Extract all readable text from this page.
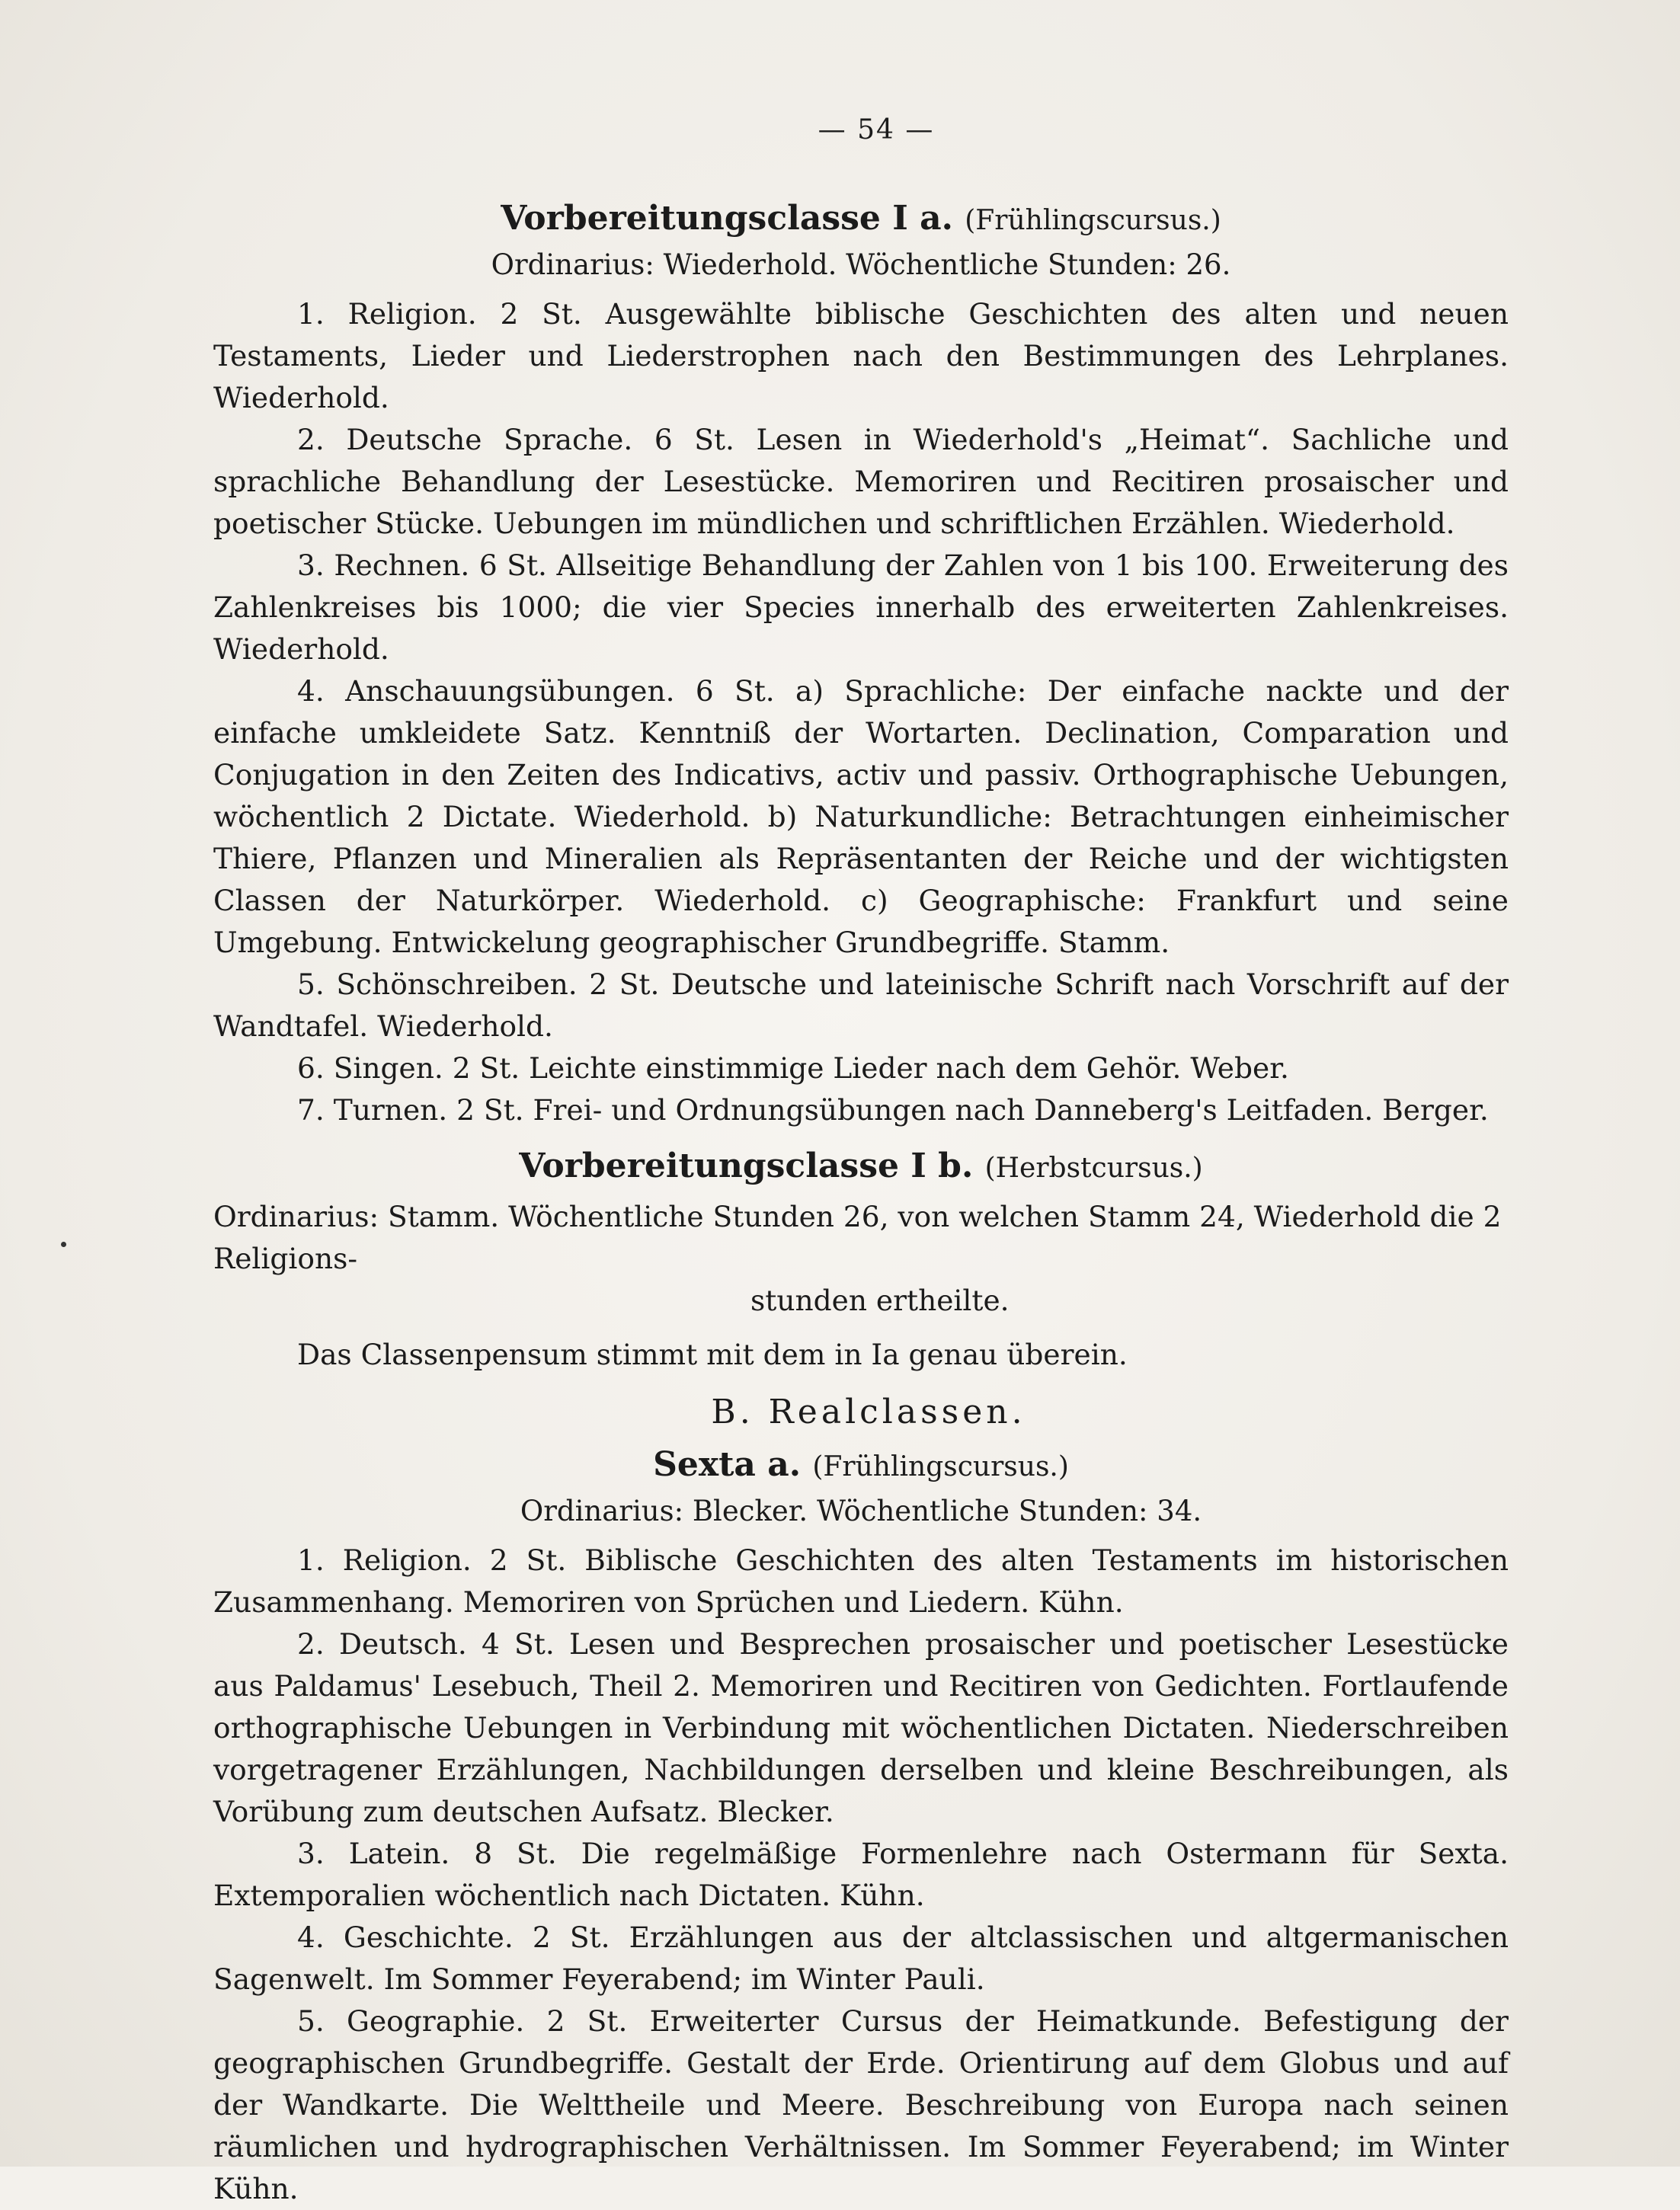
— 54 —
Vorbereitungsclasse I a. (Frühlingscursus.)
Ordinarius: Wiederhold. Wöchentliche Stunden: 26.

1. Religion. 2 St. Ausgewählte biblische Geschichten des alten und neuen Testaments, Lieder und Liederstrophen nach den Bestimmungen des Lehrplanes. Wiederhold.

2. Deutsche Sprache. 6 St. Lesen in Wiederhold's „Heimat“. Sachliche und sprachliche Behandlung der Lesestücke. Memoriren und Recitiren prosaischer und poetischer Stücke. Uebungen im mündlichen und schriftlichen Erzählen. Wiederhold.

3. Rechnen. 6 St. Allseitige Behandlung der Zahlen von 1 bis 100. Erweiterung des Zahlenkreises bis 1000; die vier Species innerhalb des erweiterten Zahlenkreises. Wiederhold.

4. Anschauungsübungen. 6 St. a) Sprachliche: Der einfache nackte und der einfache umkleidete Satz. Kenntniß der Wortarten. Declination, Comparation und Conjugation in den Zeiten des Indicativs, activ und passiv. Orthographische Uebungen, wöchentlich 2 Dictate. Wiederhold. b) Naturkundliche: Betrachtungen einheimischer Thiere, Pflanzen und Mineralien als Repräsentanten der Reiche und der wichtigsten Classen der Naturkörper. Wiederhold. c) Geographische: Frankfurt und seine Umgebung. Entwickelung geographischer Grundbegriffe. Stamm.

5. Schönschreiben. 2 St. Deutsche und lateinische Schrift nach Vorschrift auf der Wandtafel. Wiederhold.

6. Singen. 2 St. Leichte einstimmige Lieder nach dem Gehör. Weber.

7. Turnen. 2 St. Frei- und Ordnungsübungen nach Danneberg's Leitfaden. Berger.

Vorbereitungsclasse I b. (Herbstcursus.)
Ordinarius: Stamm. Wöchentliche Stunden 26, von welchen Stamm 24, Wiederhold die 2 Religions-
stunden ertheilte.
Das Classenpensum stimmt mit dem in Ia genau überein.
B. Realclassen.
Sexta a. (Frühlingscursus.)
Ordinarius: Blecker. Wöchentliche Stunden: 34.

1. Religion. 2 St. Biblische Geschichten des alten Testaments im historischen Zusammenhang. Memoriren von Sprüchen und Liedern. Kühn.

2. Deutsch. 4 St. Lesen und Besprechen prosaischer und poetischer Lesestücke aus Paldamus' Lesebuch, Theil 2. Memoriren und Recitiren von Gedichten. Fortlaufende orthographische Uebungen in Verbindung mit wöchentlichen Dictaten. Niederschreiben vorgetragener Erzählungen, Nachbildungen derselben und kleine Beschreibungen, als Vorübung zum deutschen Aufsatz. Blecker.

3. Latein. 8 St. Die regelmäßige Formenlehre nach Ostermann für Sexta. Extemporalien wöchentlich nach Dictaten. Kühn.

4. Geschichte. 2 St. Erzählungen aus der altclassischen und altgermanischen Sagenwelt. Im Sommer Feyerabend; im Winter Pauli.

5. Geographie. 2 St. Erweiterter Cursus der Heimatkunde. Befestigung der geographischen Grundbegriffe. Gestalt der Erde. Orientirung auf dem Globus und auf der Wandkarte. Die Welttheile und Meere. Beschreibung von Europa nach seinen räumlichen und hydrographischen Verhältnissen. Im Sommer Feyerabend; im Winter Kühn.
